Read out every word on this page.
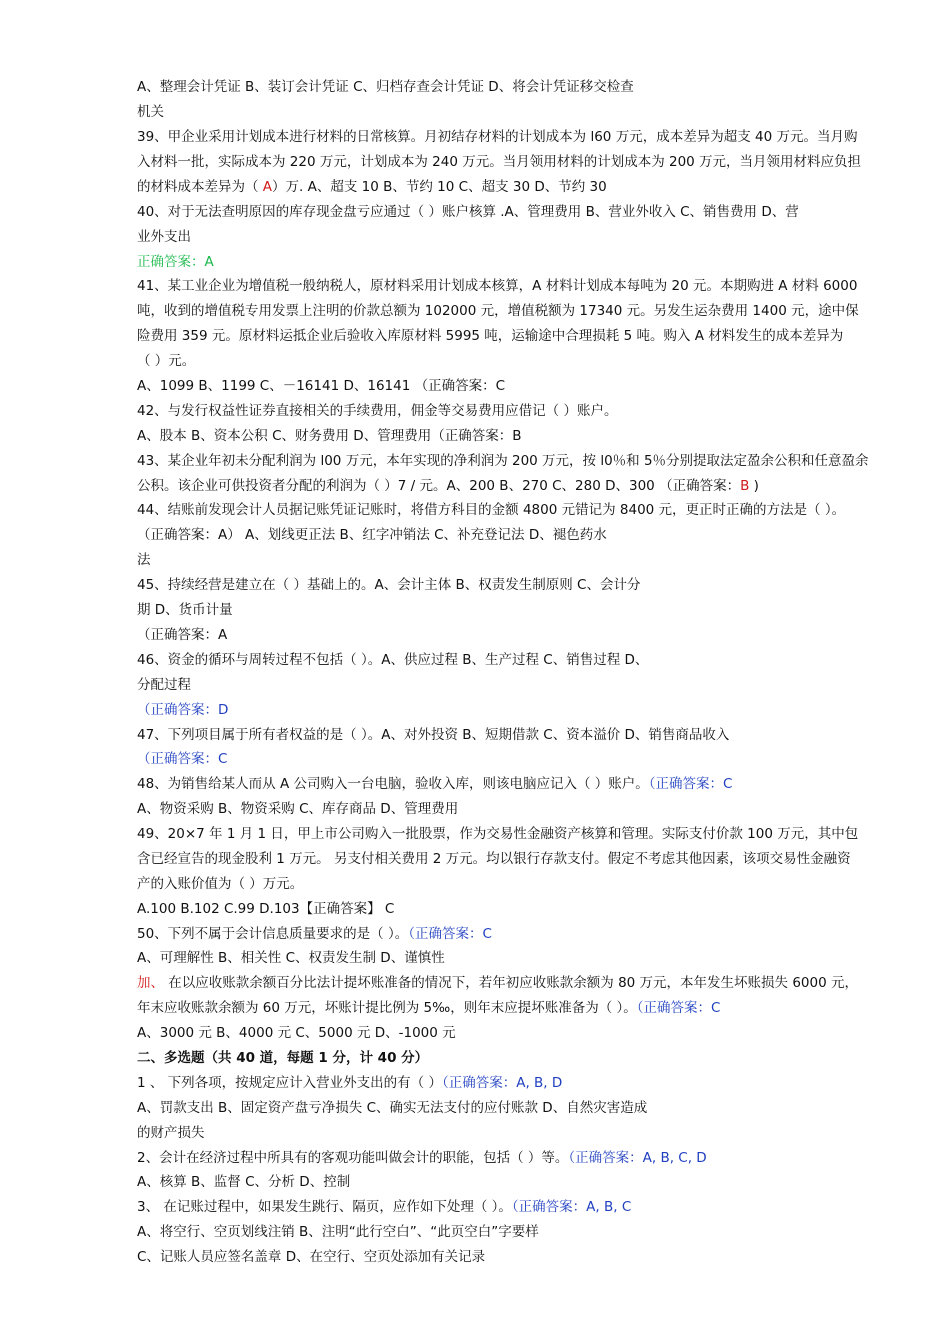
A、整理会计凭证 B、装订会计凭证 C、归档存查会计凭证 D、将会计凭证移交检查
机关
39、甲企业采用计划成本进行材料的日常核算。月初结存材料的计划成本为 l60 万元，成本差异为超支 40 万元。当月购
入材料一批，实际成本为 220 万元，计划成本为 240 万元。当月领用材料的计划成本为 200 万元，当月领用材料应负担
的材料成本差异为（ A）万. A、超支 10 B、节约 10 C、超支 30 D、节约 30
40、对于无法查明原因的库存现金盘亏应通过（ ）账户核算 .A、管理费用 B、营业外收入 C、销售费用 D、营
业外支出
正确答案：A
41、某工业企业为增值税一般纳税人，原材料采用计划成本核算，A 材料计划成本每吨为 20 元。本期购进 A 材料 6000
吨，收到的增值税专用发票上注明的价款总额为 102000 元，增值税额为 17340 元。另发生运杂费用 1400 元，途中保
险费用 359 元。原材料运抵企业后验收入库原材料 5995 吨，运输途中合理损耗 5 吨。购入 A 材料发生的成本差异为
（ ）元。
A、1099 B、1199 C、－16141 D、16141 （正确答案：C
42、与发行权益性证券直接相关的手续费用，佣金等交易费用应借记（ ）账户。
A、股本 B、资本公积 C、财务费用 D、管理费用（正确答案：B
43、某企业年初未分配利润为 l00 万元，本年实现的净利润为 200 万元，按 l0％和 5％分别提取法定盈余公积和任意盈余
公积。该企业可供投资者分配的利润为（ ）7 / 元。A、200 B、270 C、280 D、300 （正确答案：B )
44、结账前发现会计人员据记账凭证记账时，将借方科目的金额 4800 元错记为 8400 元，更正时正确的方法是（ ）。
（正确答案：A） A、划线更正法 B、红字冲销法 C、补充登记法 D、褪色药水
法
45、持续经营是建立在（ ）基础上的。A、会计主体 B、权责发生制原则 C、会计分
期 D、货币计量
（正确答案：A
46、资金的循环与周转过程不包括（ ）。A、供应过程 B、生产过程 C、销售过程 D、
分配过程
（正确答案：D
47、下列项目属于所有者权益的是（ ）。A、对外投资 B、短期借款 C、资本溢价 D、销售商品收入
（正确答案：C
48、为销售给某人而从 A 公司购入一台电脑，验收入库，则该电脑应记入（ ）账户。（正确答案：C
A、物资采购 B、物资采购 C、库存商品 D、管理费用
49、20×7 年 1 月 1 日，甲上市公司购入一批股票，作为交易性金融资产核算和管理。实际支付价款 100 万元，其中包
含已经宣告的现金股利 1 万元。 另支付相关费用 2 万元。均以银行存款支付。假定不考虑其他因素，该项交易性金融资
产的入账价值为（ ）万元。
A.100 B.102 C.99 D.103【正确答案】 C
50、下列不属于会计信息质量要求的是（ ）。（正确答案：C
A、可理解性 B、相关性 C、权责发生制 D、谨慎性
加、 在以应收账款余额百分比法计提坏账准备的情况下，若年初应收账款余额为 80 万元，本年发生坏账损失 6000 元，
年末应收账款余额为 60 万元，坏账计提比例为 5‰，则年末应提坏账准备为（ ）。（正确答案：C
A、3000 元 B、4000 元 C、5000 元 D、-1000 元
二、多选题（共 40 道，每题 1 分，计 40 分）
1 、 下列各项，按规定应计入营业外支出的有（ ）（正确答案：A, B, D
A、罚款支出 B、固定资产盘亏净损失 C、确实无法支付的应付账款 D、自然灾害造成
的财产损失
2、会计在经济过程中所具有的客观功能叫做会计的职能，包括（ ）等。（正确答案：A, B, C, D
A、核算 B、监督 C、分析 D、控制
3、 在记账过程中，如果发生跳行、隔页，应作如下处理（ ）。（正确答案：A, B, C
A、将空行、空页划线注销 B、注明“此行空白”、“此页空白”字要样
C、记账人员应签名盖章 D、在空行、空页处添加有关记录
